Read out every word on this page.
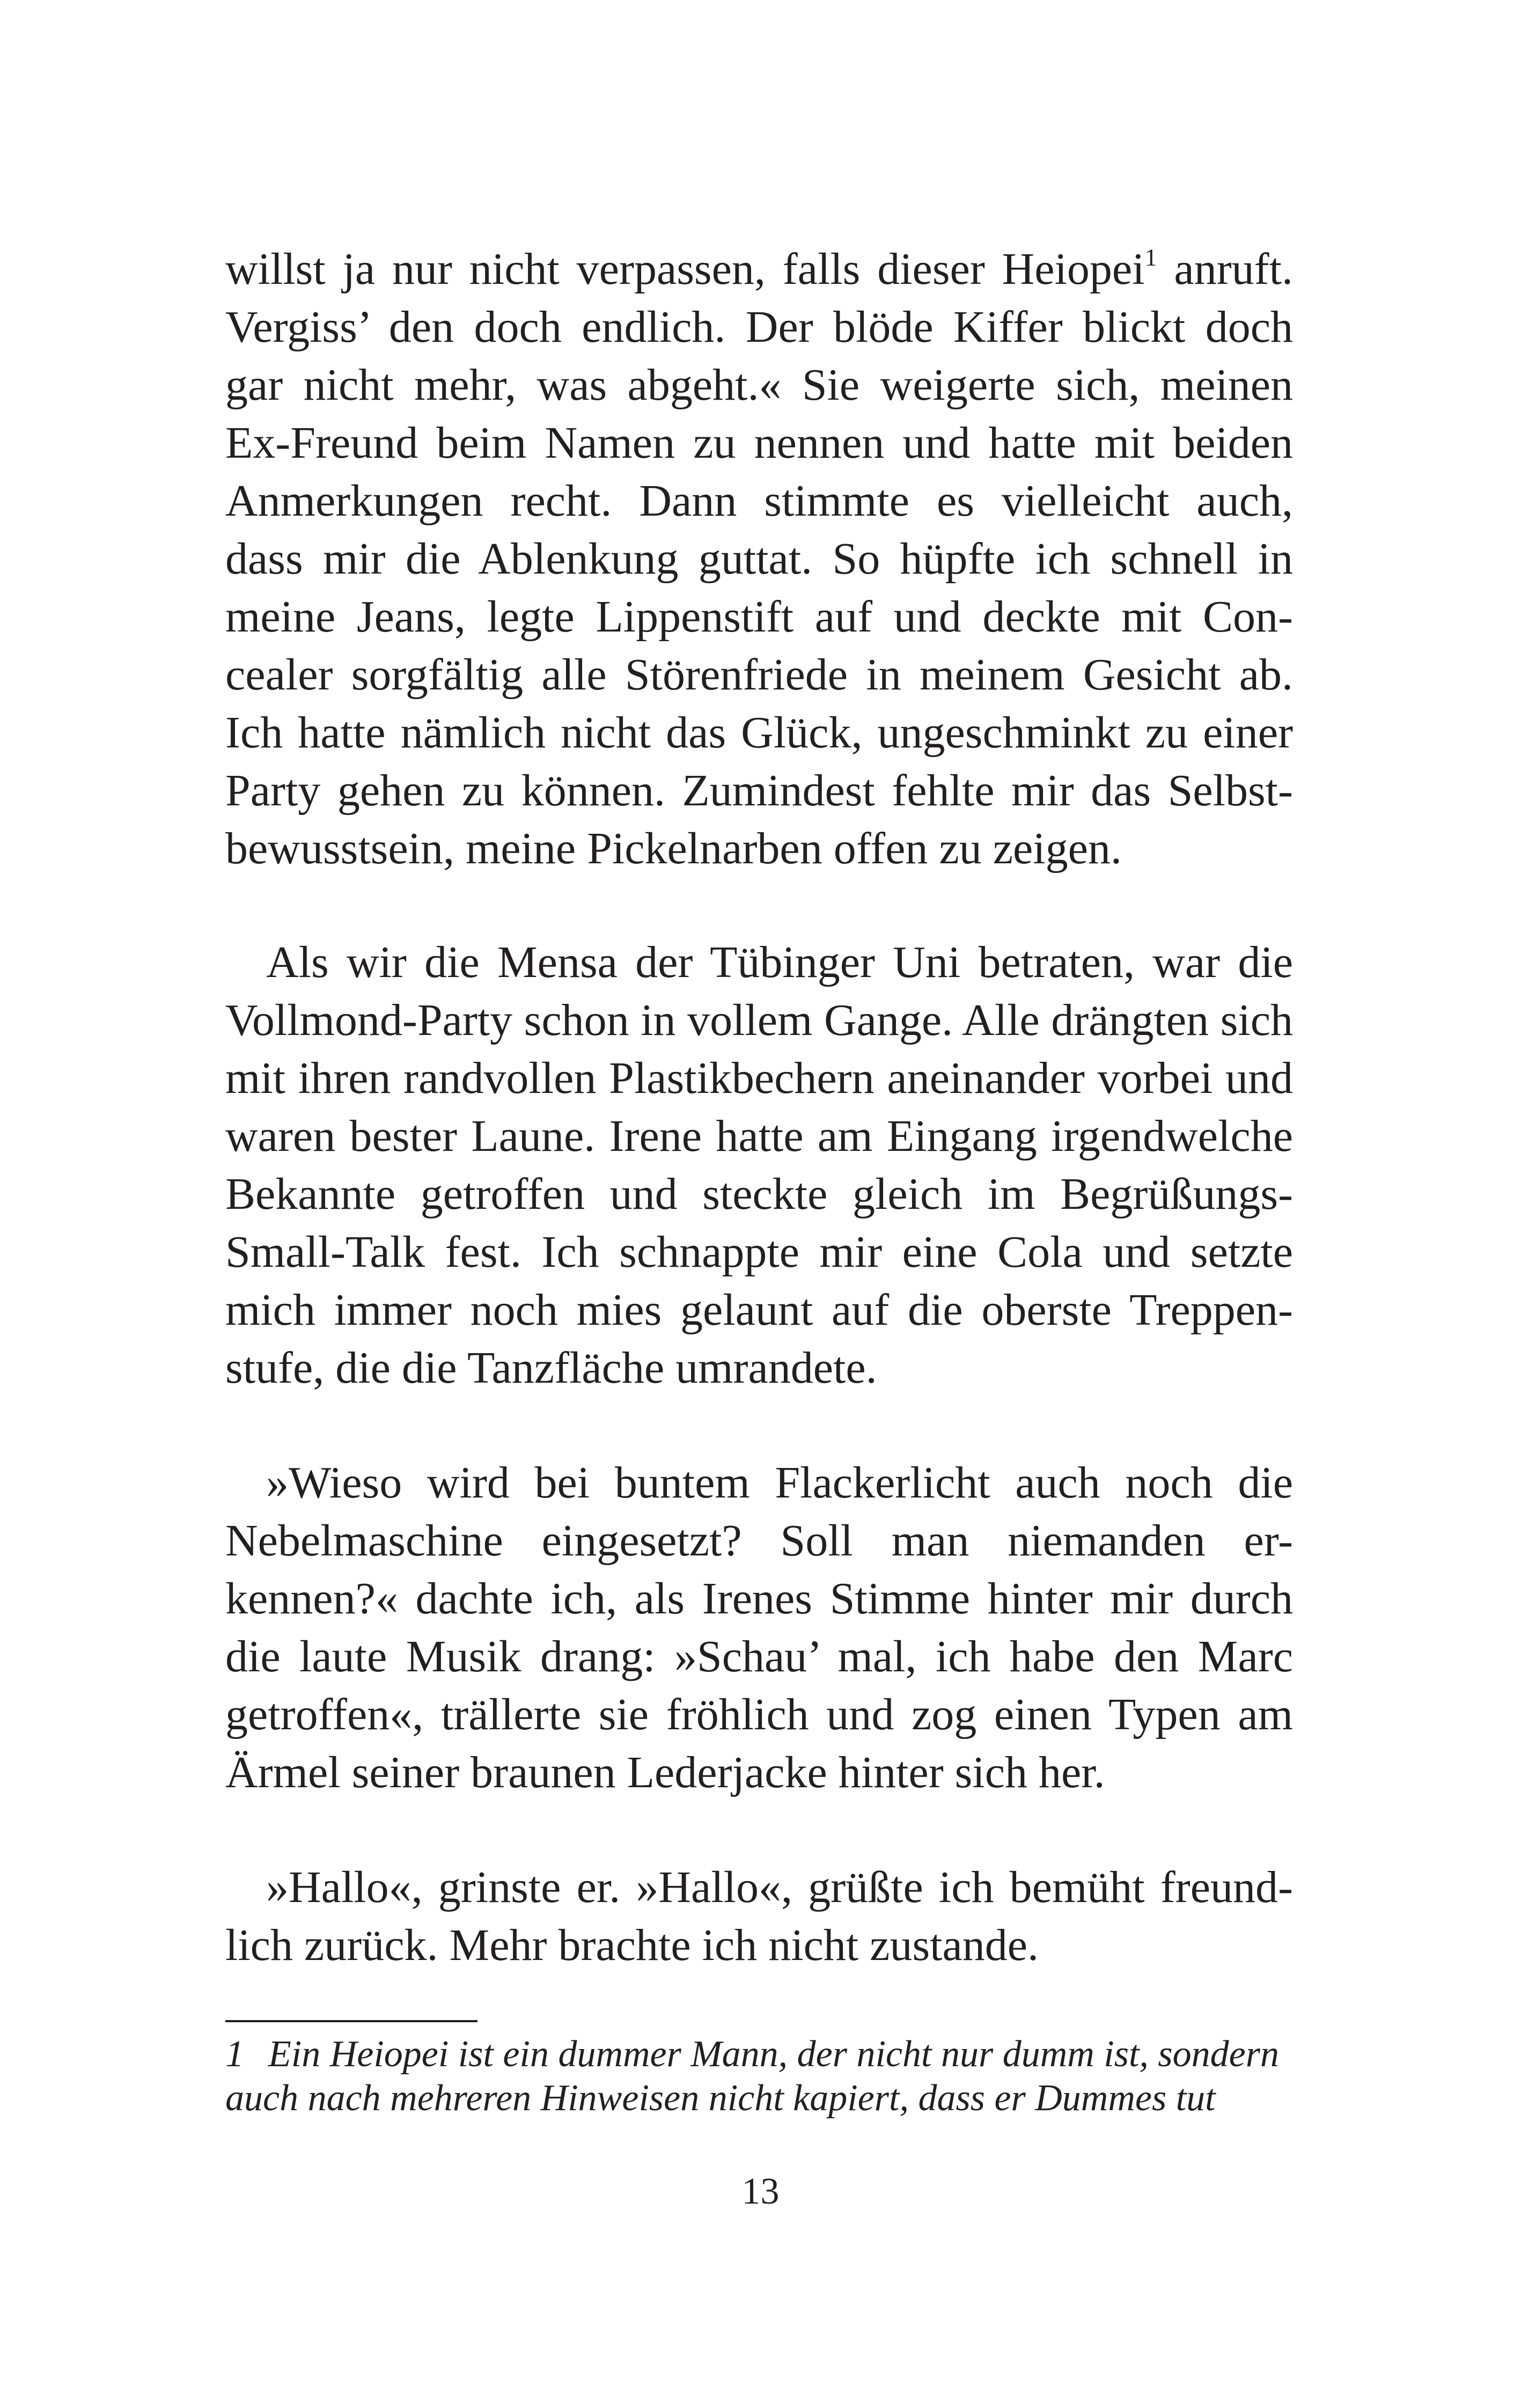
willst ja nur nicht verpassen, falls dieser Heiopei$^1$ anruft.
Vergiss’ den doch endlich. Der blöde Kiffer blickt doch
gar nicht mehr, was abgeht.« Sie weigerte sich, meinen
Ex-Freund beim Namen zu nennen und hatte mit beiden
Anmerkungen recht. Dann stimmte es vielleicht auch,
dass mir die Ablenkung guttat. So hüpfte ich schnell in
meine Jeans, legte Lippenstift auf und deckte mit Con-
cealer sorgfältig alle Störenfriede in meinem Gesicht ab.
Ich hatte nämlich nicht das Glück, ungeschminkt zu einer
Party gehen zu können. Zumindest fehlte mir das Selbst-
bewusstsein, meine Pickelnarben offen zu zeigen.
Als wir die Mensa der Tübinger Uni betraten, war die
Vollmond-Party schon in vollem Gange. Alle drängten sich
mit ihren randvollen Plastikbechern aneinander vorbei und
waren bester Laune. Irene hatte am Eingang irgendwelche
Bekannte getroffen und steckte gleich im Begrüßungs-
Small-Talk fest. Ich schnappte mir eine Cola und setzte
mich immer noch mies gelaunt auf die oberste Treppen-
stufe, die die Tanzfläche umrandete.
»Wieso wird bei buntem Flackerlicht auch noch die
Nebelmaschine eingesetzt? Soll man niemanden er-
kennen?« dachte ich, als Irenes Stimme hinter mir durch
die laute Musik drang: »Schau’ mal, ich habe den Marc
getroffen«, trällerte sie fröhlich und zog einen Typen am
Ärmel seiner braunen Lederjacke hinter sich her.
»Hallo«, grinste er. »Hallo«, grüßte ich bemüht freund-
lich zurück. Mehr brachte ich nicht zustande.
1 Ein Heiopei ist ein dummer Mann, der nicht nur dumm ist, sondern
auch nach mehreren Hinweisen nicht kapiert, dass er Dummes tut
13
